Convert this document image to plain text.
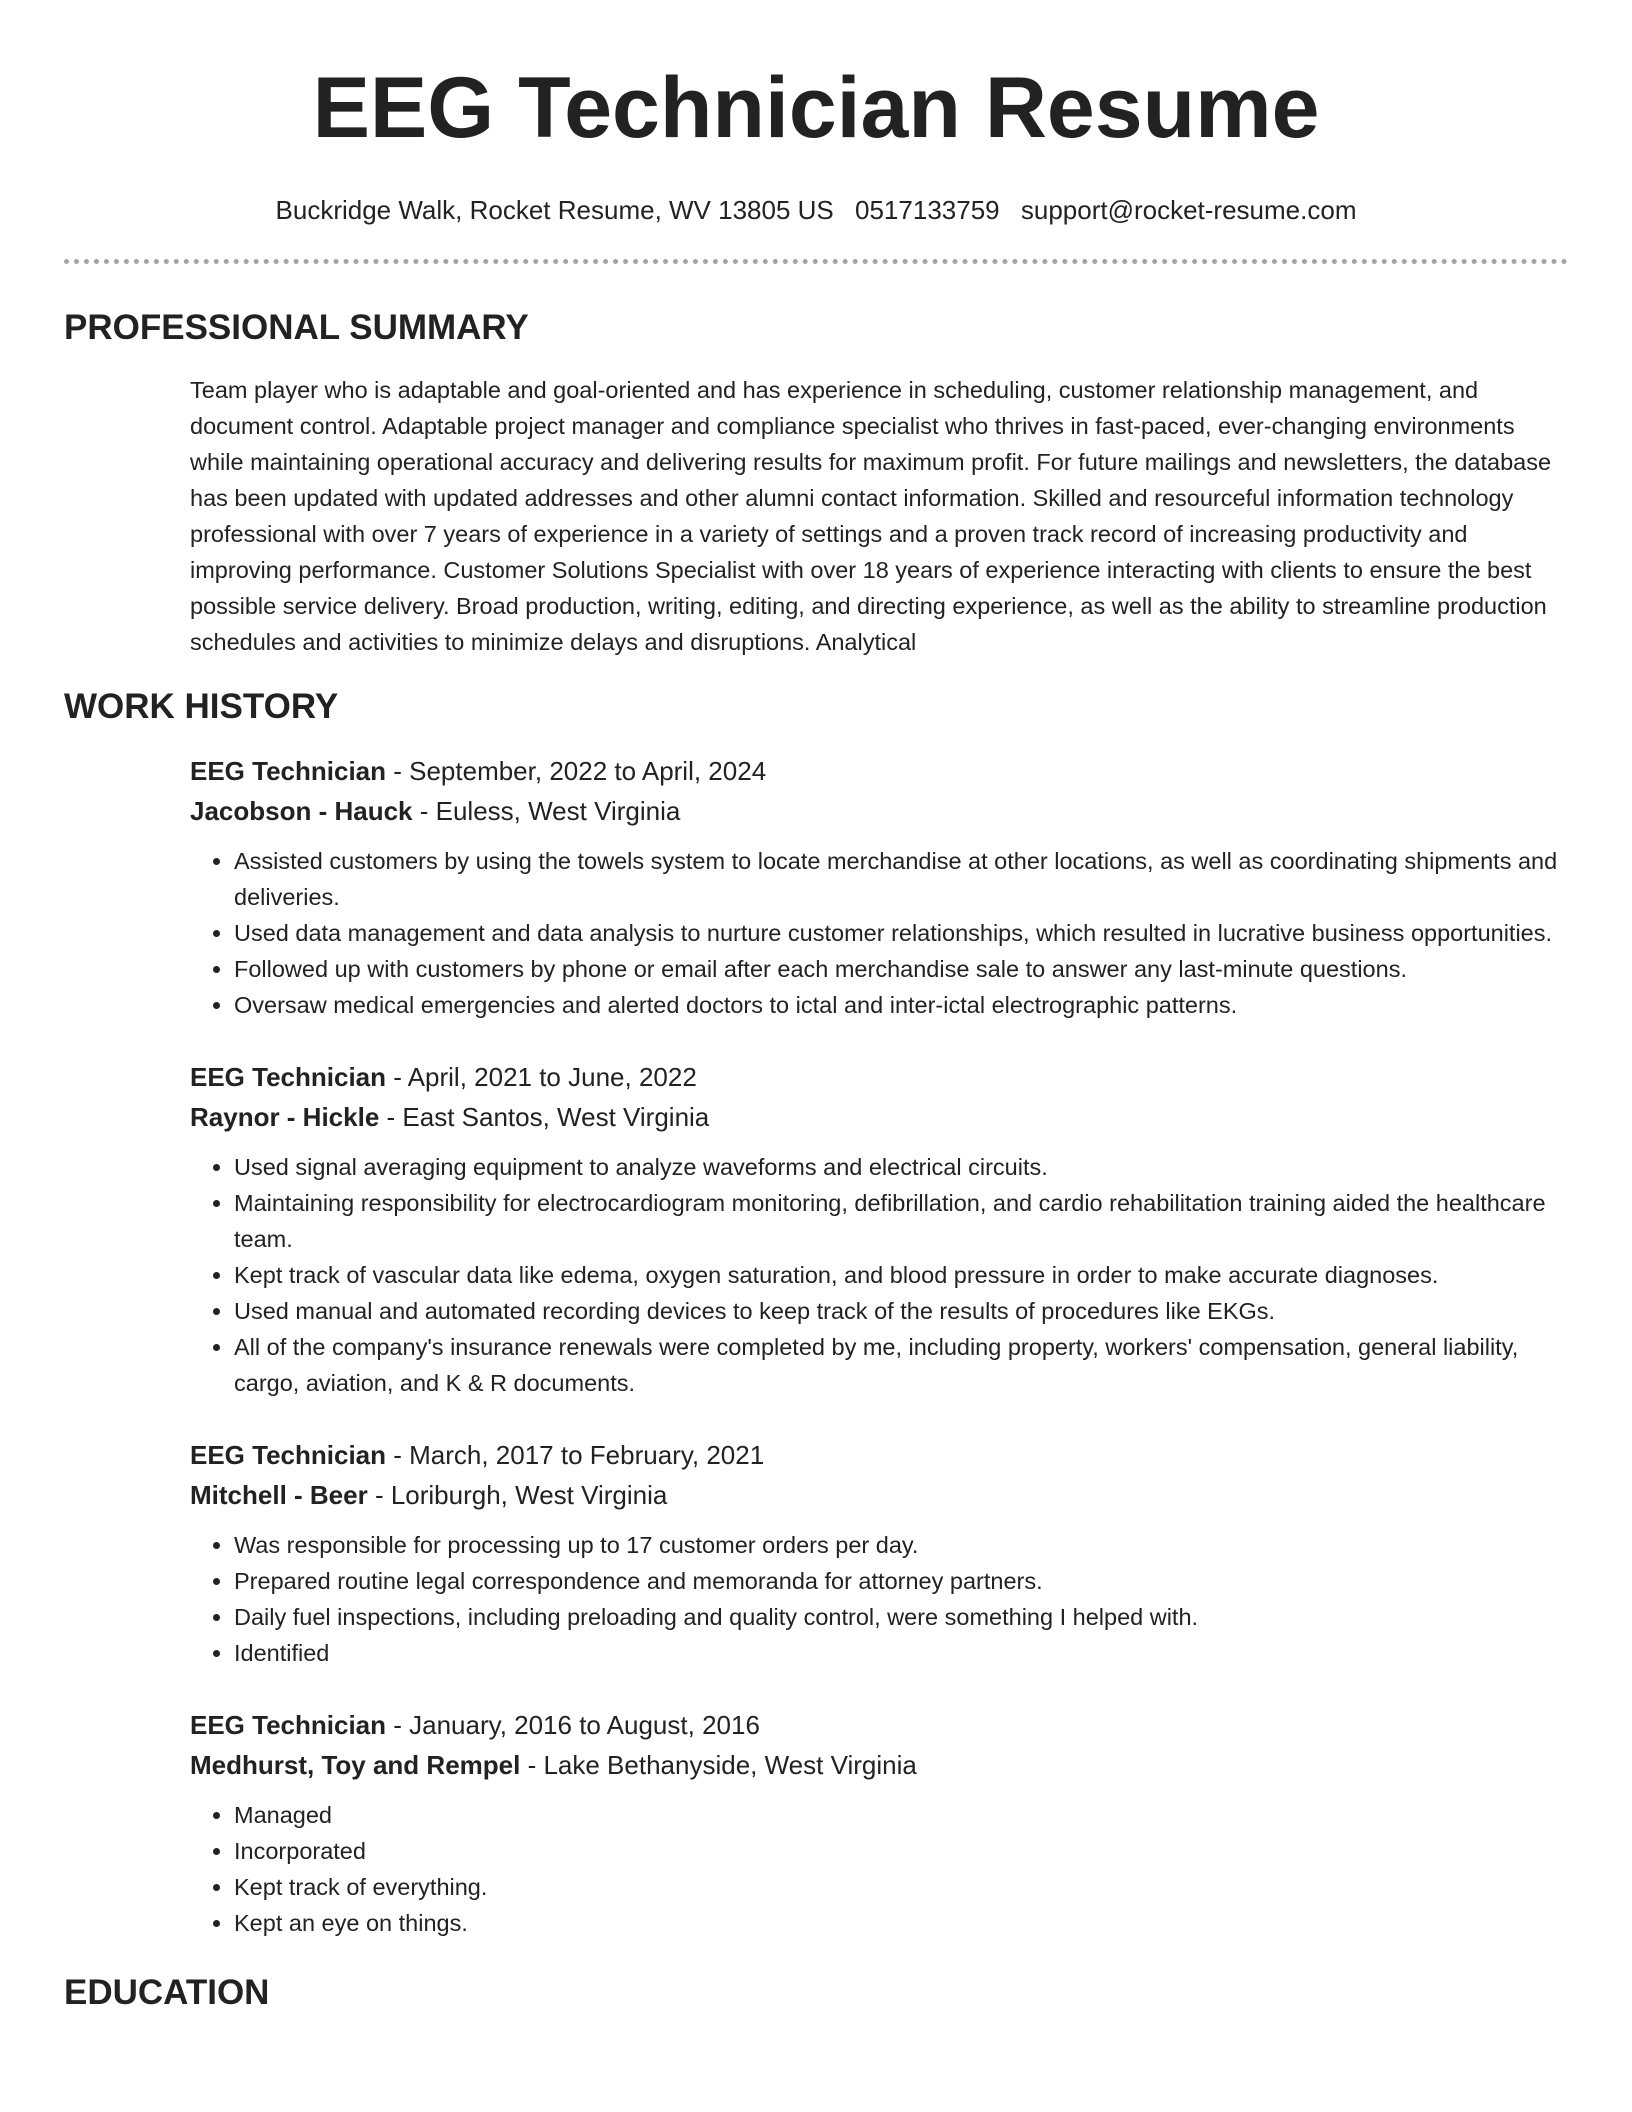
EEG Technician Resume
Buckridge Walk, Rocket Resume, WV 13805 US 0517133759 support@rocket-resume.com
PROFESSIONAL SUMMARY

Team player who is adaptable and goal-oriented and has experience in scheduling, customer relationship management, and document control. Adaptable project manager and compliance specialist who thrives in fast-paced, ever-changing environments while maintaining operational accuracy and delivering results for maximum profit. For future mailings and newsletters, the database has been updated with updated addresses and other alumni contact information. Skilled and resourceful information technology professional with over 7 years of experience in a variety of settings and a proven track record of increasing productivity and improving performance. Customer Solutions Specialist with over 18 years of experience interacting with clients to ensure the best possible service delivery. Broad production, writing, editing, and directing experience, as well as the ability to streamline production schedules and activities to minimize delays and disruptions. Analytical

WORK HISTORY
EEG Technician - September, 2022 to April, 2024
Jacobson - Hauck - Euless, West Virginia
• Assisted customers by using the towels system to locate merchandise at other locations, as well as coordinating shipments and deliveries.
• Used data management and data analysis to nurture customer relationships, which resulted in lucrative business opportunities.
• Followed up with customers by phone or email after each merchandise sale to answer any last-minute questions.
• Oversaw medical emergencies and alerted doctors to ictal and inter-ictal electrographic patterns.
EEG Technician - April, 2021 to June, 2022
Raynor - Hickle - East Santos, West Virginia
• Used signal averaging equipment to analyze waveforms and electrical circuits.
• Maintaining responsibility for electrocardiogram monitoring, defibrillation, and cardio rehabilitation training aided the healthcare team.
• Kept track of vascular data like edema, oxygen saturation, and blood pressure in order to make accurate diagnoses.
• Used manual and automated recording devices to keep track of the results of procedures like EKGs.
• All of the company's insurance renewals were completed by me, including property, workers' compensation, general liability, cargo, aviation, and K & R documents.
EEG Technician - March, 2017 to February, 2021
Mitchell - Beer - Loriburgh, West Virginia
• Was responsible for processing up to 17 customer orders per day.
• Prepared routine legal correspondence and memoranda for attorney partners.
• Daily fuel inspections, including preloading and quality control, were something I helped with.
• Identified
EEG Technician - January, 2016 to August, 2016
Medhurst, Toy and Rempel - Lake Bethanyside, West Virginia
• Managed
• Incorporated
• Kept track of everything.
• Kept an eye on things.
EDUCATION
